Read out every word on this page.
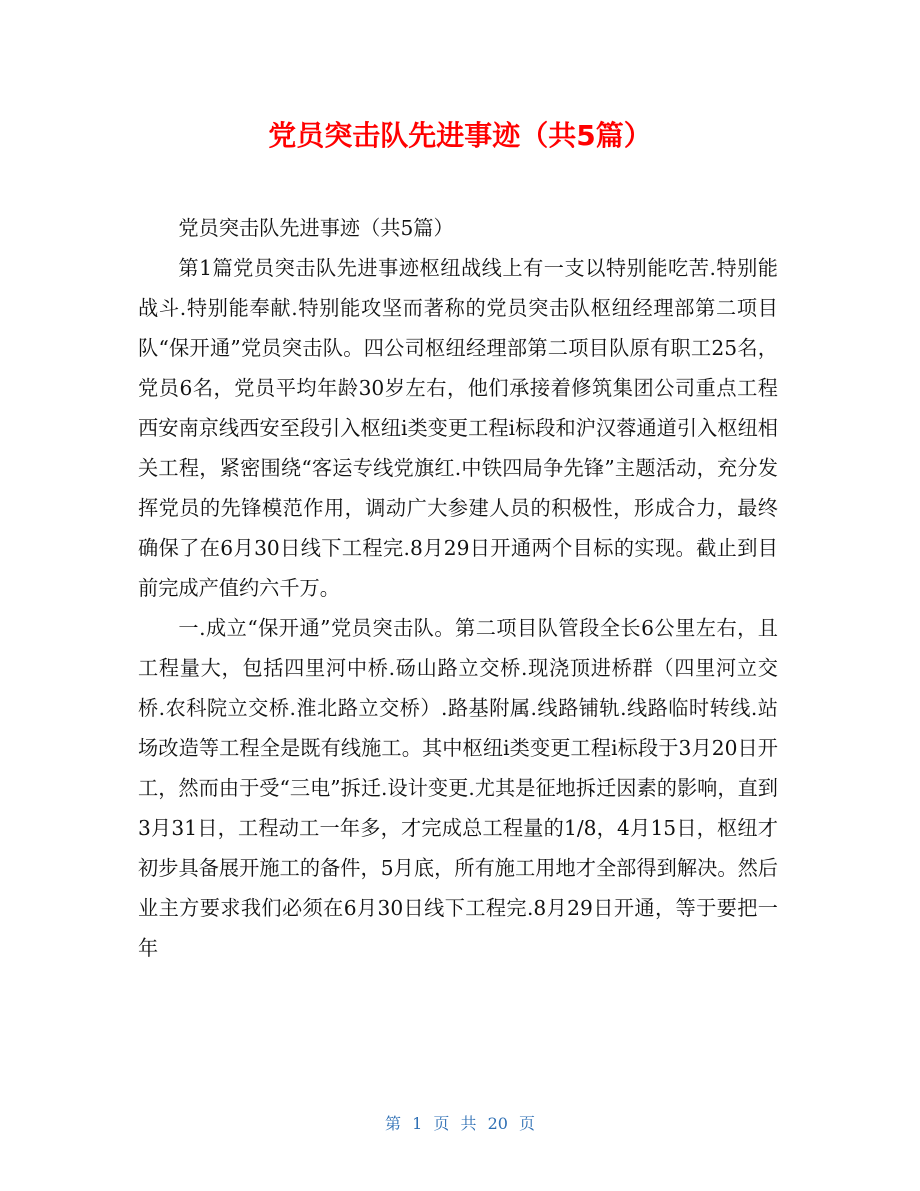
党员突击队先进事迹（共5篇）

党员突击队先进事迹（共5篇）

第1篇党员突击队先进事迹枢纽战线上有一支以特别能吃苦.特别能战斗.特别能奉献.特别能攻坚而著称的党员突击队枢纽经理部第二项目队“保开通”党员突击队。四公司枢纽经理部第二项目队原有职工25名，党员6名，党员平均年龄30岁左右，他们承接着修筑集团公司重点工程西安南京线西安至段引入枢纽i类变更工程i标段和沪汉蓉通道引入枢纽相关工程，紧密围绕“客运专线党旗红.中铁四局争先锋”主题活动，充分发挥党员的先锋模范作用，调动广大参建人员的积极性，形成合力，最终确保了在6月30日线下工程完.8月29日开通两个目标的实现。截止到目前完成产值约六千万。

一.成立“保开通”党员突击队。第二项目队管段全长6公里左右，且工程量大，包括四里河中桥.砀山路立交桥.现浇顶进桥群（四里河立交桥.农科院立交桥.淮北路立交桥）.路基附属.线路铺轨.线路临时转线.站场改造等工程全是既有线施工。其中枢纽i类变更工程i标段于3月20日开工，然而由于受“三电”拆迁.设计变更.尤其是征地拆迁因素的影响，直到3月31日，工程动工一年多，才完成总工程量的1/8，4月15日，枢纽才初步具备展开施工的备件，5月底，所有施工用地才全部得到解决。然后业主方要求我们必须在6月30日线下工程完.8月29日开通，等于要把一年

第 1 页 共 20 页
